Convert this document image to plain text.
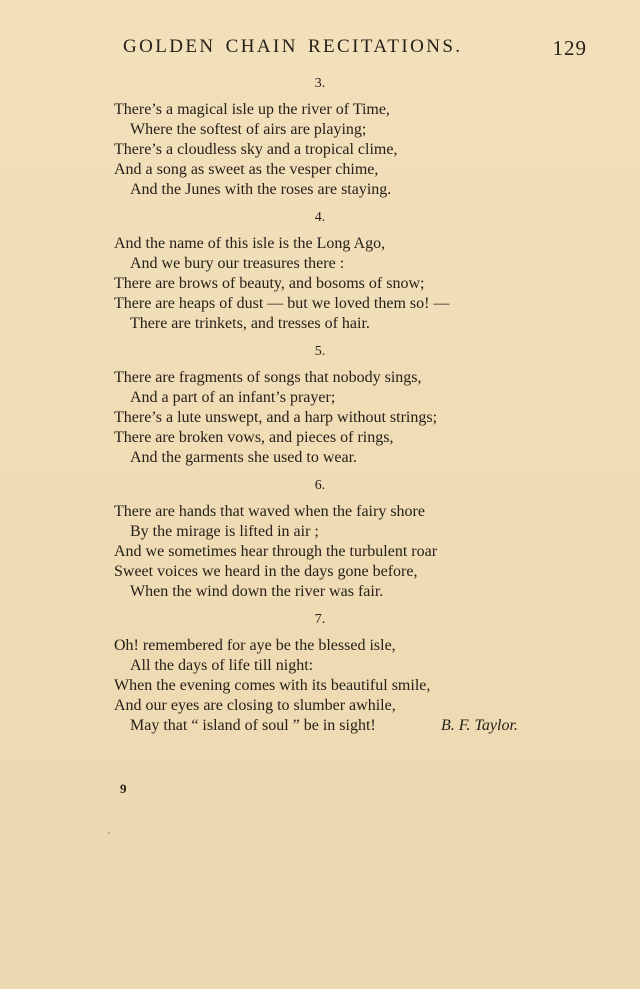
GOLDEN CHAIN RECITATIONS.	129
3.
There’s a magical isle up the river of Time,
Where the softest of airs are playing;
There’s a cloudless sky and a tropical clime,
And a song as sweet as the vesper chime,
And the Junes with the roses are staying.
4.
And the name of this isle is the Long Ago,
And we bury our treasures there :
There are brows of beauty, and bosoms of snow;
There are heaps of dust — but we loved them so! —
There are trinkets, and tresses of hair.
5.
There are fragments of songs that nobody sings,
And a part of an infant’s prayer;
There’s a lute unswept, and a harp without strings;
There are broken vows, and pieces of rings,
And the garments she used to wear.
6.
There are hands that waved when the fairy shore
By the mirage is lifted in air ;
And we sometimes hear through the turbulent roar
Sweet voices we heard in the days gone before,
When the wind down the river was fair.
7.
Oh! remembered for aye be the blessed isle,
All the days of life till night:
When the evening comes with its beautiful smile,
And our eyes are closing to slumber awhile,
May that “ island of soul ” be in sight!	B. F. Taylor.
9
